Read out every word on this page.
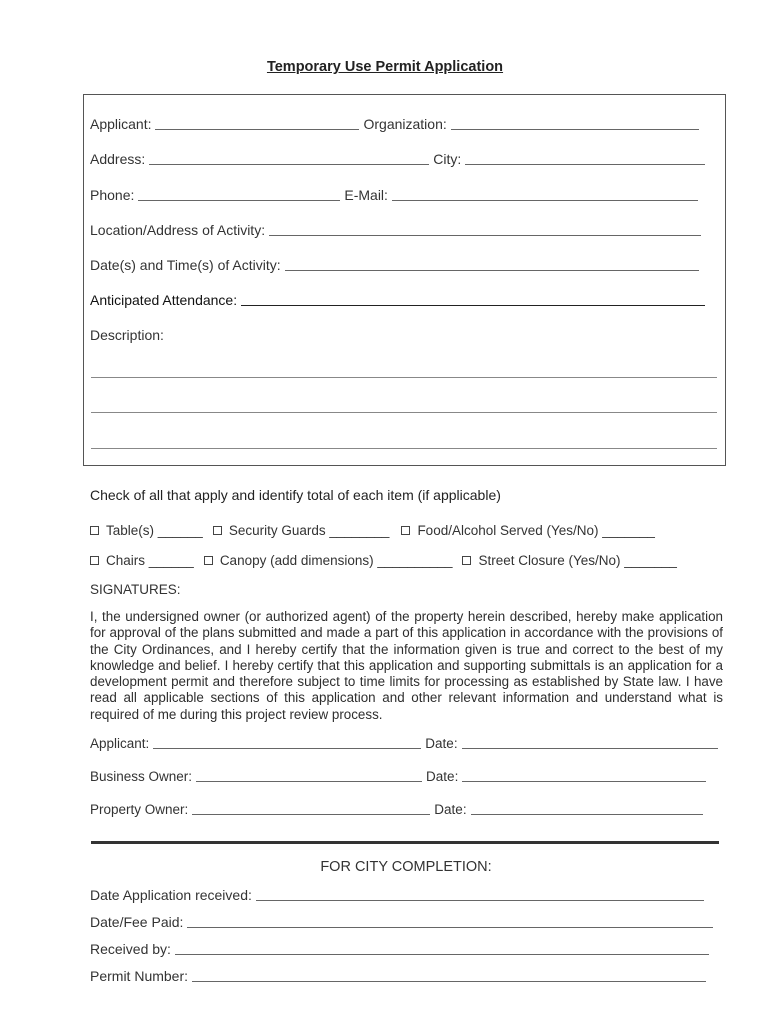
Temporary Use Permit Application
Applicant:	Organization:
Address:	City:
Phone:	E-Mail:
Location/Address of Activity:
Date(s) and Time(s) of Activity:
Anticipated Attendance:
Description:
Check of all that apply and identify total of each item (if applicable)
Table(s) ______ Security Guards ________ Food/Alcohol Served (Yes/No) _______
Chairs ______ Canopy (add dimensions) __________ Street Closure (Yes/No) _______
SIGNATURES:
I, the undersigned owner (or authorized agent) of the property herein described, hereby make application for approval of the plans submitted and made a part of this application in accordance with the provisions of the City Ordinances, and I hereby certify that the information given is true and correct to the best of my knowledge and belief. I hereby certify that this application and supporting submittals is an application for a development permit and therefore subject to time limits for processing as established by State law. I have read all applicable sections of this application and other relevant information and understand what is required of me during this project review process.
Applicant:	Date:
Business Owner:	Date:
Property Owner:	Date:
FOR CITY COMPLETION:
Date Application received:
Date/Fee Paid:
Received by:
Permit Number:
